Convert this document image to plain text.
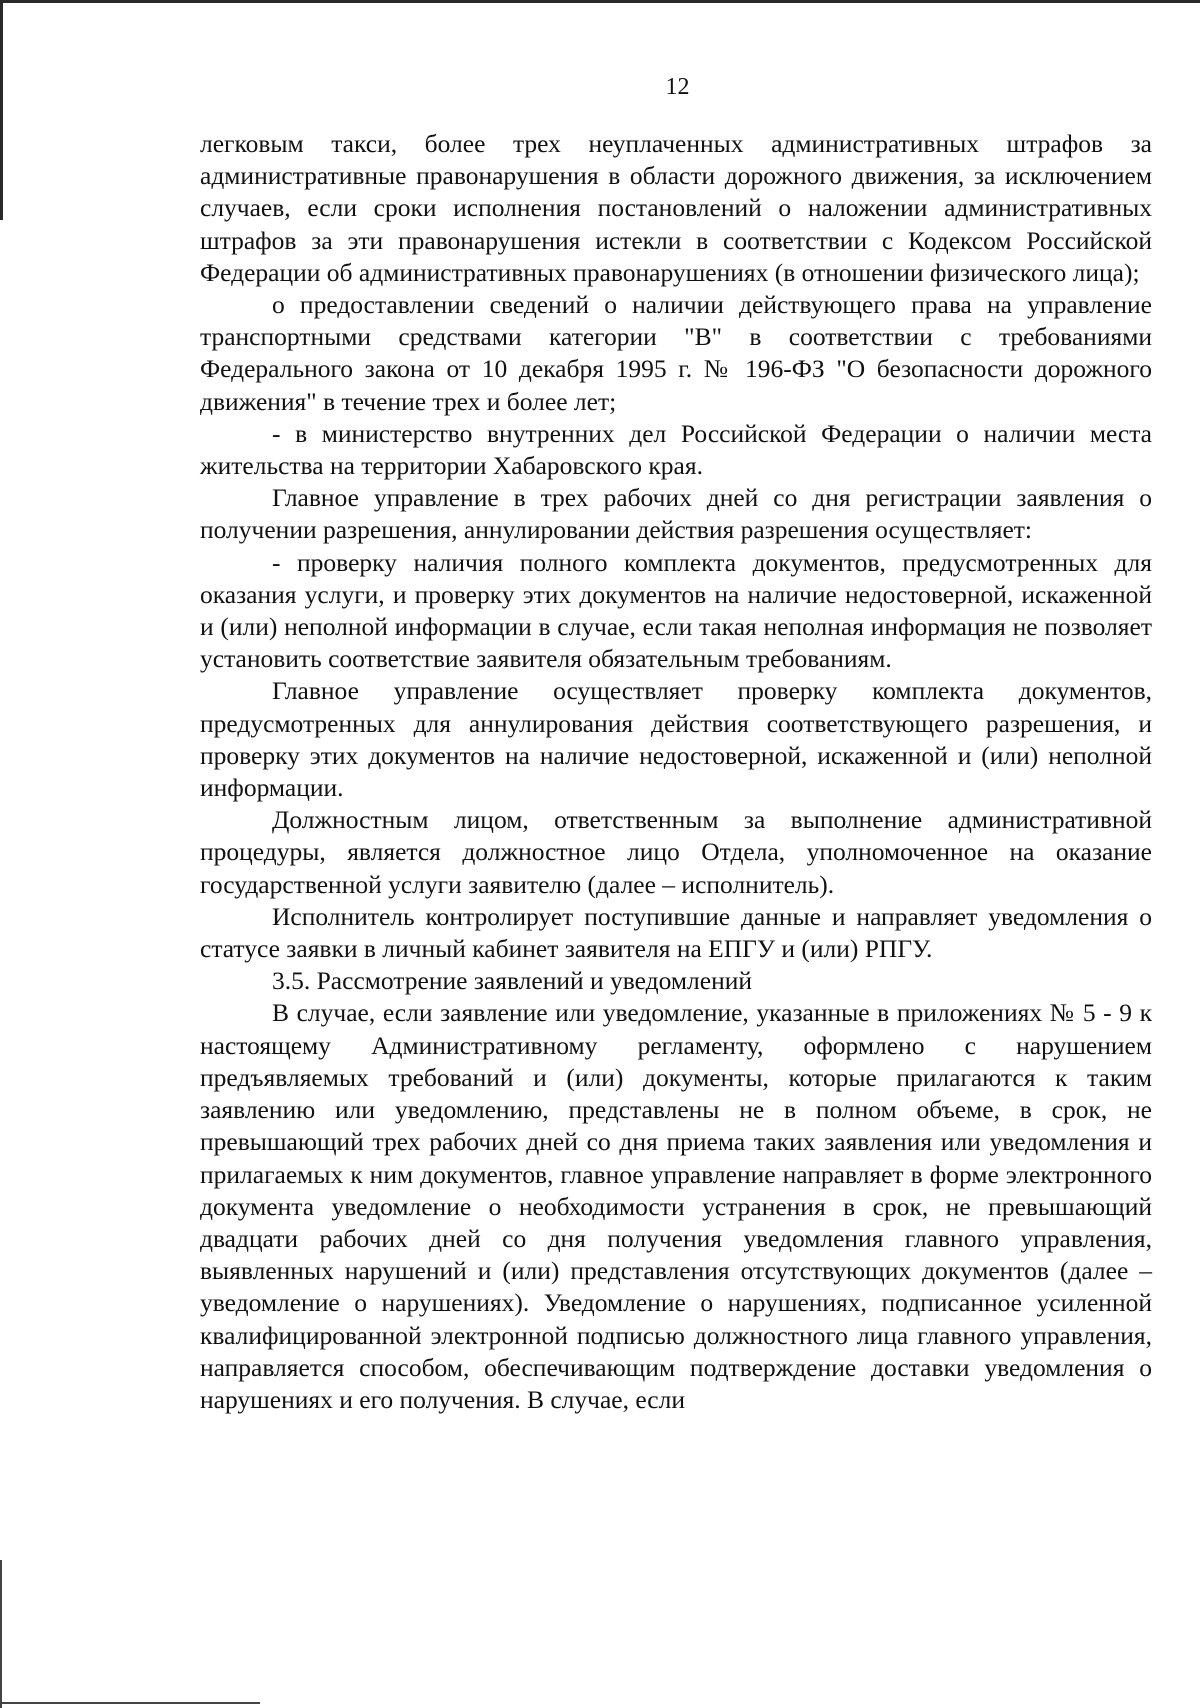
12

легковым такси, более трех неуплаченных административных штрафов за административные правонарушения в области дорожного движения, за исключением случаев, если сроки исполнения постановлений о наложении административных штрафов за эти правонарушения истекли в соответствии с Кодексом Российской Федерации об административных правонарушениях (в отношении физического лица);

о предоставлении сведений о наличии действующего права на управление транспортными средствами категории "В" в соответствии с требованиями Федерального закона от 10 декабря 1995 г. № 196-ФЗ "О безопасности дорожного движения" в течение трех и более лет;

- в министерство внутренних дел Российской Федерации о наличии места жительства на территории Хабаровского края.

Главное управление в трех рабочих дней со дня регистрации заявления о получении разрешения, аннулировании действия разрешения осуществляет:

- проверку наличия полного комплекта документов, предусмотренных для оказания услуги, и проверку этих документов на наличие недостоверной, искаженной и (или) неполной информации в случае, если такая неполная информация не позволяет установить соответствие заявителя обязательным требованиям.

Главное управление осуществляет проверку комплекта документов, предусмотренных для аннулирования действия соответствующего разрешения, и проверку этих документов на наличие недостоверной, искаженной и (или) неполной информации.

Должностным лицом, ответственным за выполнение административной процедуры, является должностное лицо Отдела, уполномоченное на оказание государственной услуги заявителю (далее – исполнитель).

Исполнитель контролирует поступившие данные и направляет уведомления о статусе заявки в личный кабинет заявителя на ЕПГУ и (или) РПГУ.

3.5. Рассмотрение заявлений и уведомлений

В случае, если заявление или уведомление, указанные в приложениях № 5 - 9 к настоящему Административному регламенту, оформлено с нарушением предъявляемых требований и (или) документы, которые прилагаются к таким заявлению или уведомлению, представлены не в полном объеме, в срок, не превышающий трех рабочих дней со дня приема таких заявления или уведомления и прилагаемых к ним документов, главное управление направляет в форме электронного документа уведомление о необходимости устранения в срок, не превышающий двадцати рабочих дней со дня получения уведомления главного управления, выявленных нарушений и (или) представления отсутствующих документов (далее – уведомление о нарушениях). Уведомление о нарушениях, подписанное усиленной квалифицированной электронной подписью должностного лица главного управления, направляется способом, обеспечивающим подтверждение доставки уведомления о нарушениях и его получения. В случае, если
